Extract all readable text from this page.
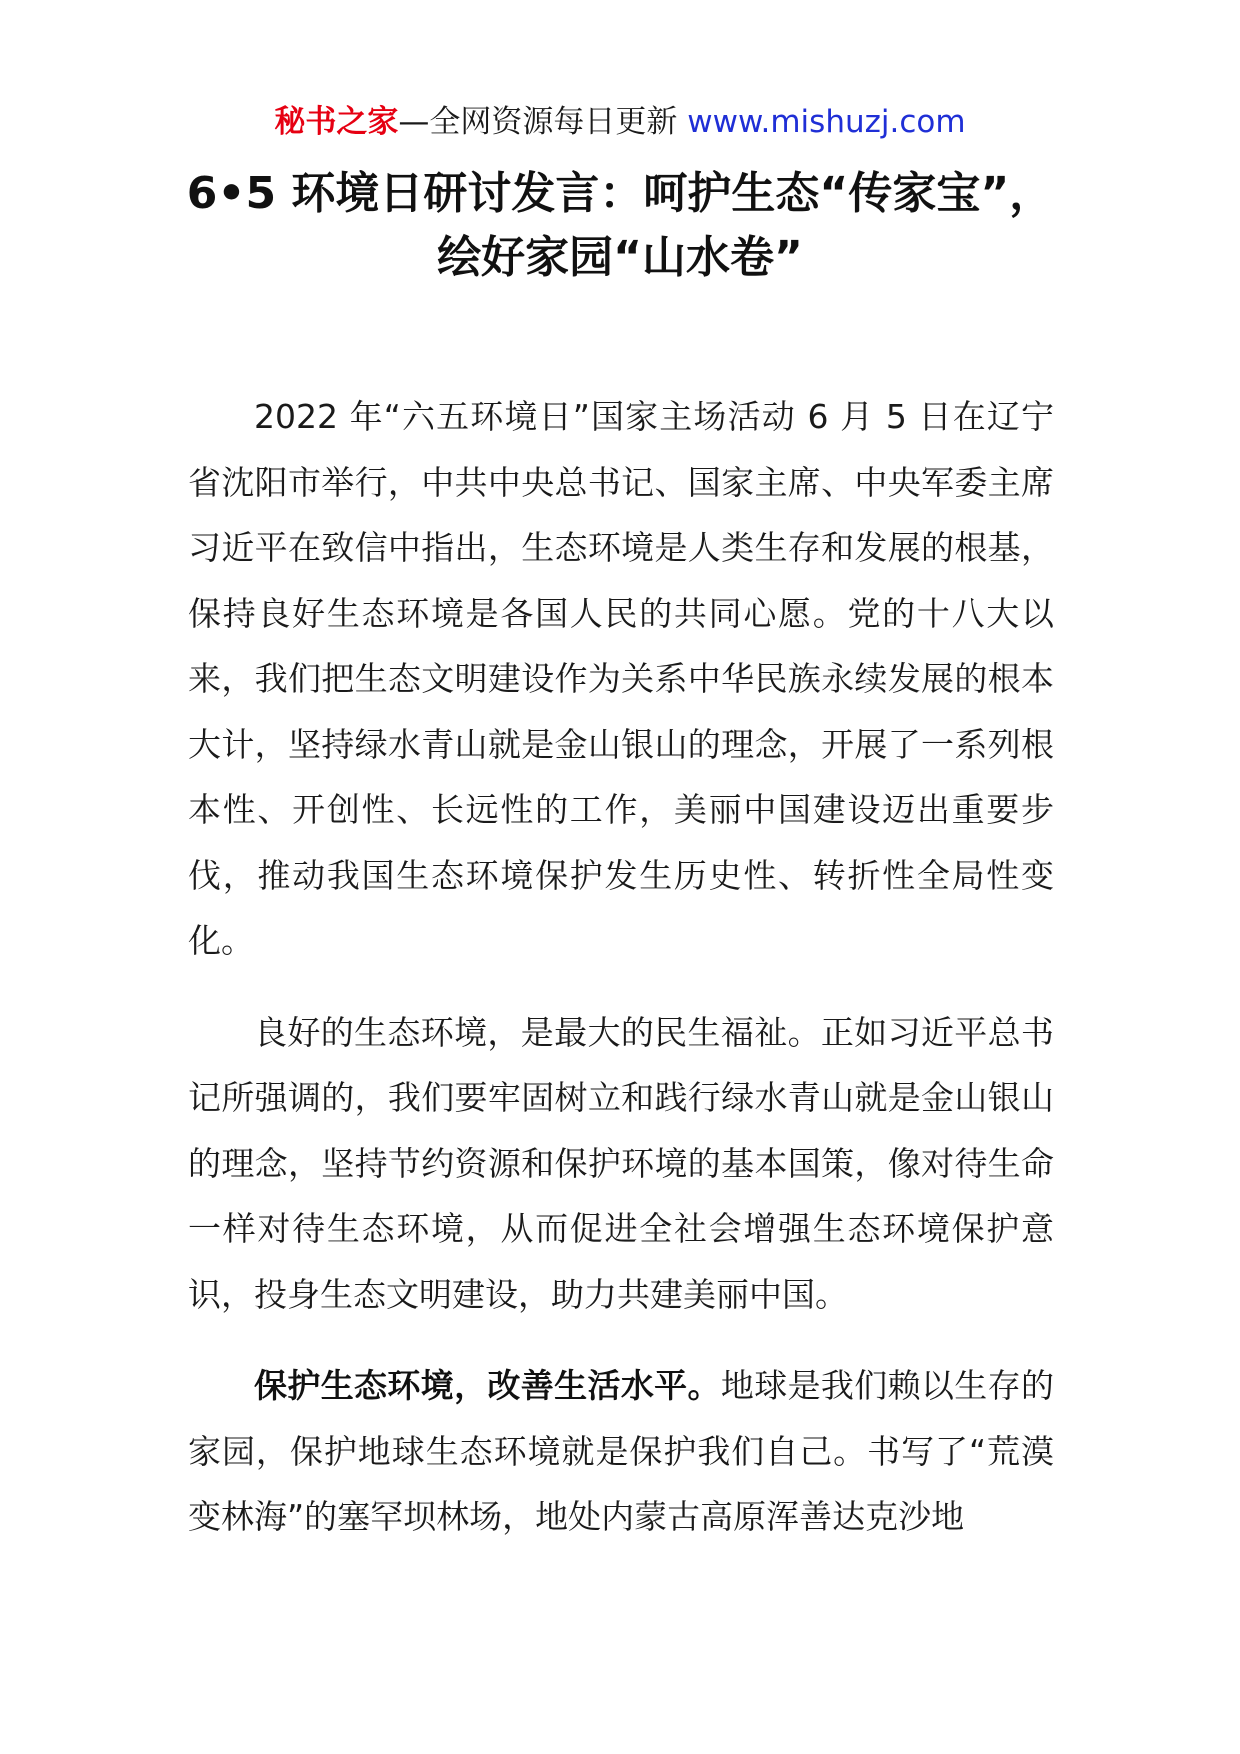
秘书之家—全网资源每日更新 www.mishuzj.com
6•5 环境日研讨发言：呵护生态“传家宝”，
绘好家园“山水卷”

2022 年“六五环境日”国家主场活动 6 月 5 日在辽宁省沈阳市举行，中共中央总书记、国家主席、中央军委主席习近平在致信中指出，生态环境是人类生存和发展的根基，保持良好生态环境是各国人民的共同心愿。党的十八大以来，我们把生态文明建设作为关系中华民族永续发展的根本大计，坚持绿水青山就是金山银山的理念，开展了一系列根本性、开创性、长远性的工作，美丽中国建设迈出重要步伐，推动我国生态环境保护发生历史性、转折性全局性变化。

良好的生态环境，是最大的民生福祉。正如习近平总书记所强调的，我们要牢固树立和践行绿水青山就是金山银山的理念，坚持节约资源和保护环境的基本国策，像对待生命一样对待生态环境，从而促进全社会增强生态环境保护意识，投身生态文明建设，助力共建美丽中国。

保护生态环境，改善生活水平。地球是我们赖以生存的家园，保护地球生态环境就是保护我们自己。书写了“荒漠变林海”的塞罕坝林场，地处内蒙古高原浑善达克沙地
